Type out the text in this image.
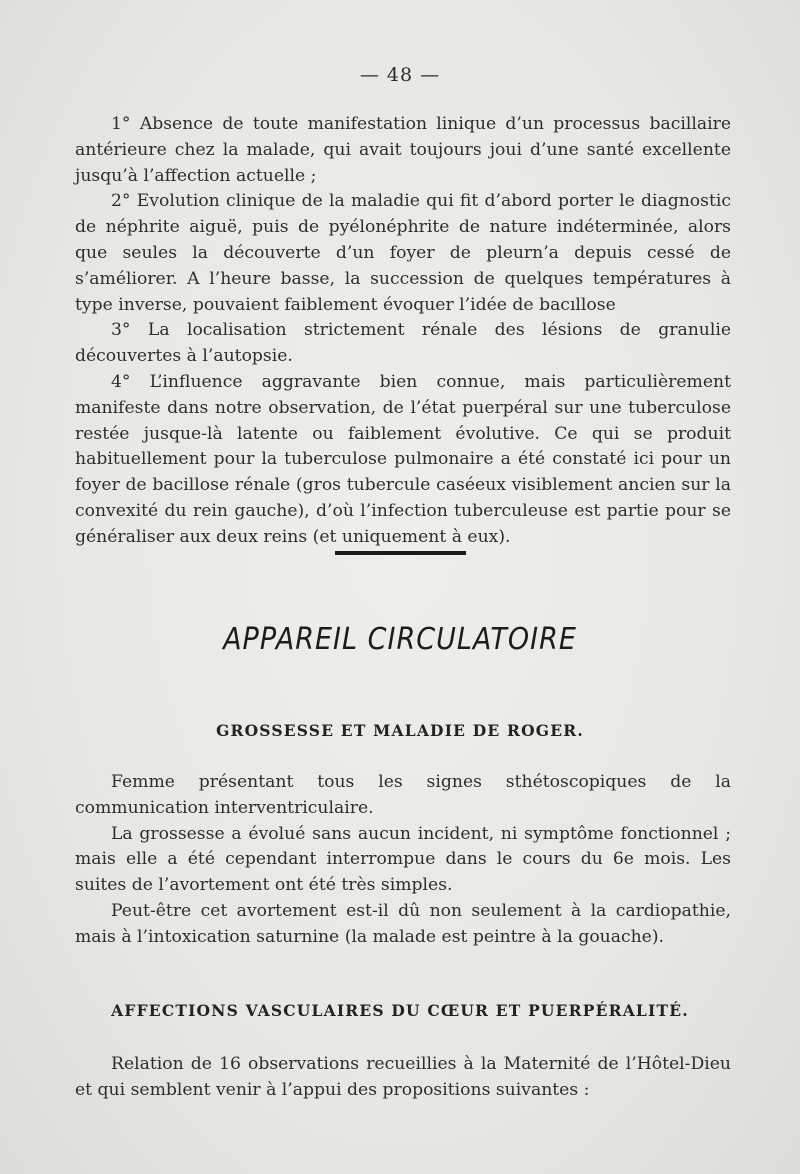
— 48 —

1° Absence de toute manifestation linique d’un processus bacillaire antérieure chez la malade, qui avait toujours joui d’une santé excellente jusqu’à l’affection actuelle ;

2° Evolution clinique de la maladie qui fit d’abord porter le diagnostic de néphrite aiguë, puis de pyélonéphrite de nature indéterminée, alors que seules la découverte d’un foyer de pleurn’a depuis cessé de s’améliorer. A l’heure basse, la succession de quelques températures à type inverse, pouvaient faiblement évoquer l’idée de bacıllose

3° La localisation strictement rénale des lésions de granulie découvertes à l’autopsie.

4° L’influence aggravante bien connue, mais particulièrement manifeste dans notre observation, de l’état puerpéral sur une tuberculose restée jusque-là latente ou faiblement évolutive. Ce qui se produit habituellement pour la tuberculose pulmonaire a été constaté ici pour un foyer de bacillose rénale (gros tubercule caséeux visiblement ancien sur la convexité du rein gauche), d’où l’infection tuberculeuse est partie pour se généraliser aux deux reins (et uniquement à eux).

APPAREIL CIRCULATOIRE
GROSSESSE ET MALADIE DE ROGER.

Femme présentant tous les signes sthétoscopiques de la communication interventriculaire.

La grossesse a évolué sans aucun incident, ni symptôme fonctionnel ; mais elle a été cependant interrompue dans le cours du 6e mois. Les suites de l’avortement ont été très simples.

Peut-être cet avortement est-il dû non seulement à la cardiopathie, mais à l’intoxication saturnine (la malade est peintre à la gouache).

AFFECTIONS VASCULAIRES DU CŒUR ET PUERPÉRALITÉ.

Relation de 16 observations recueillies à la Maternité de l’Hôtel-Dieu et qui semblent venir à l’appui des propositions suivantes :
